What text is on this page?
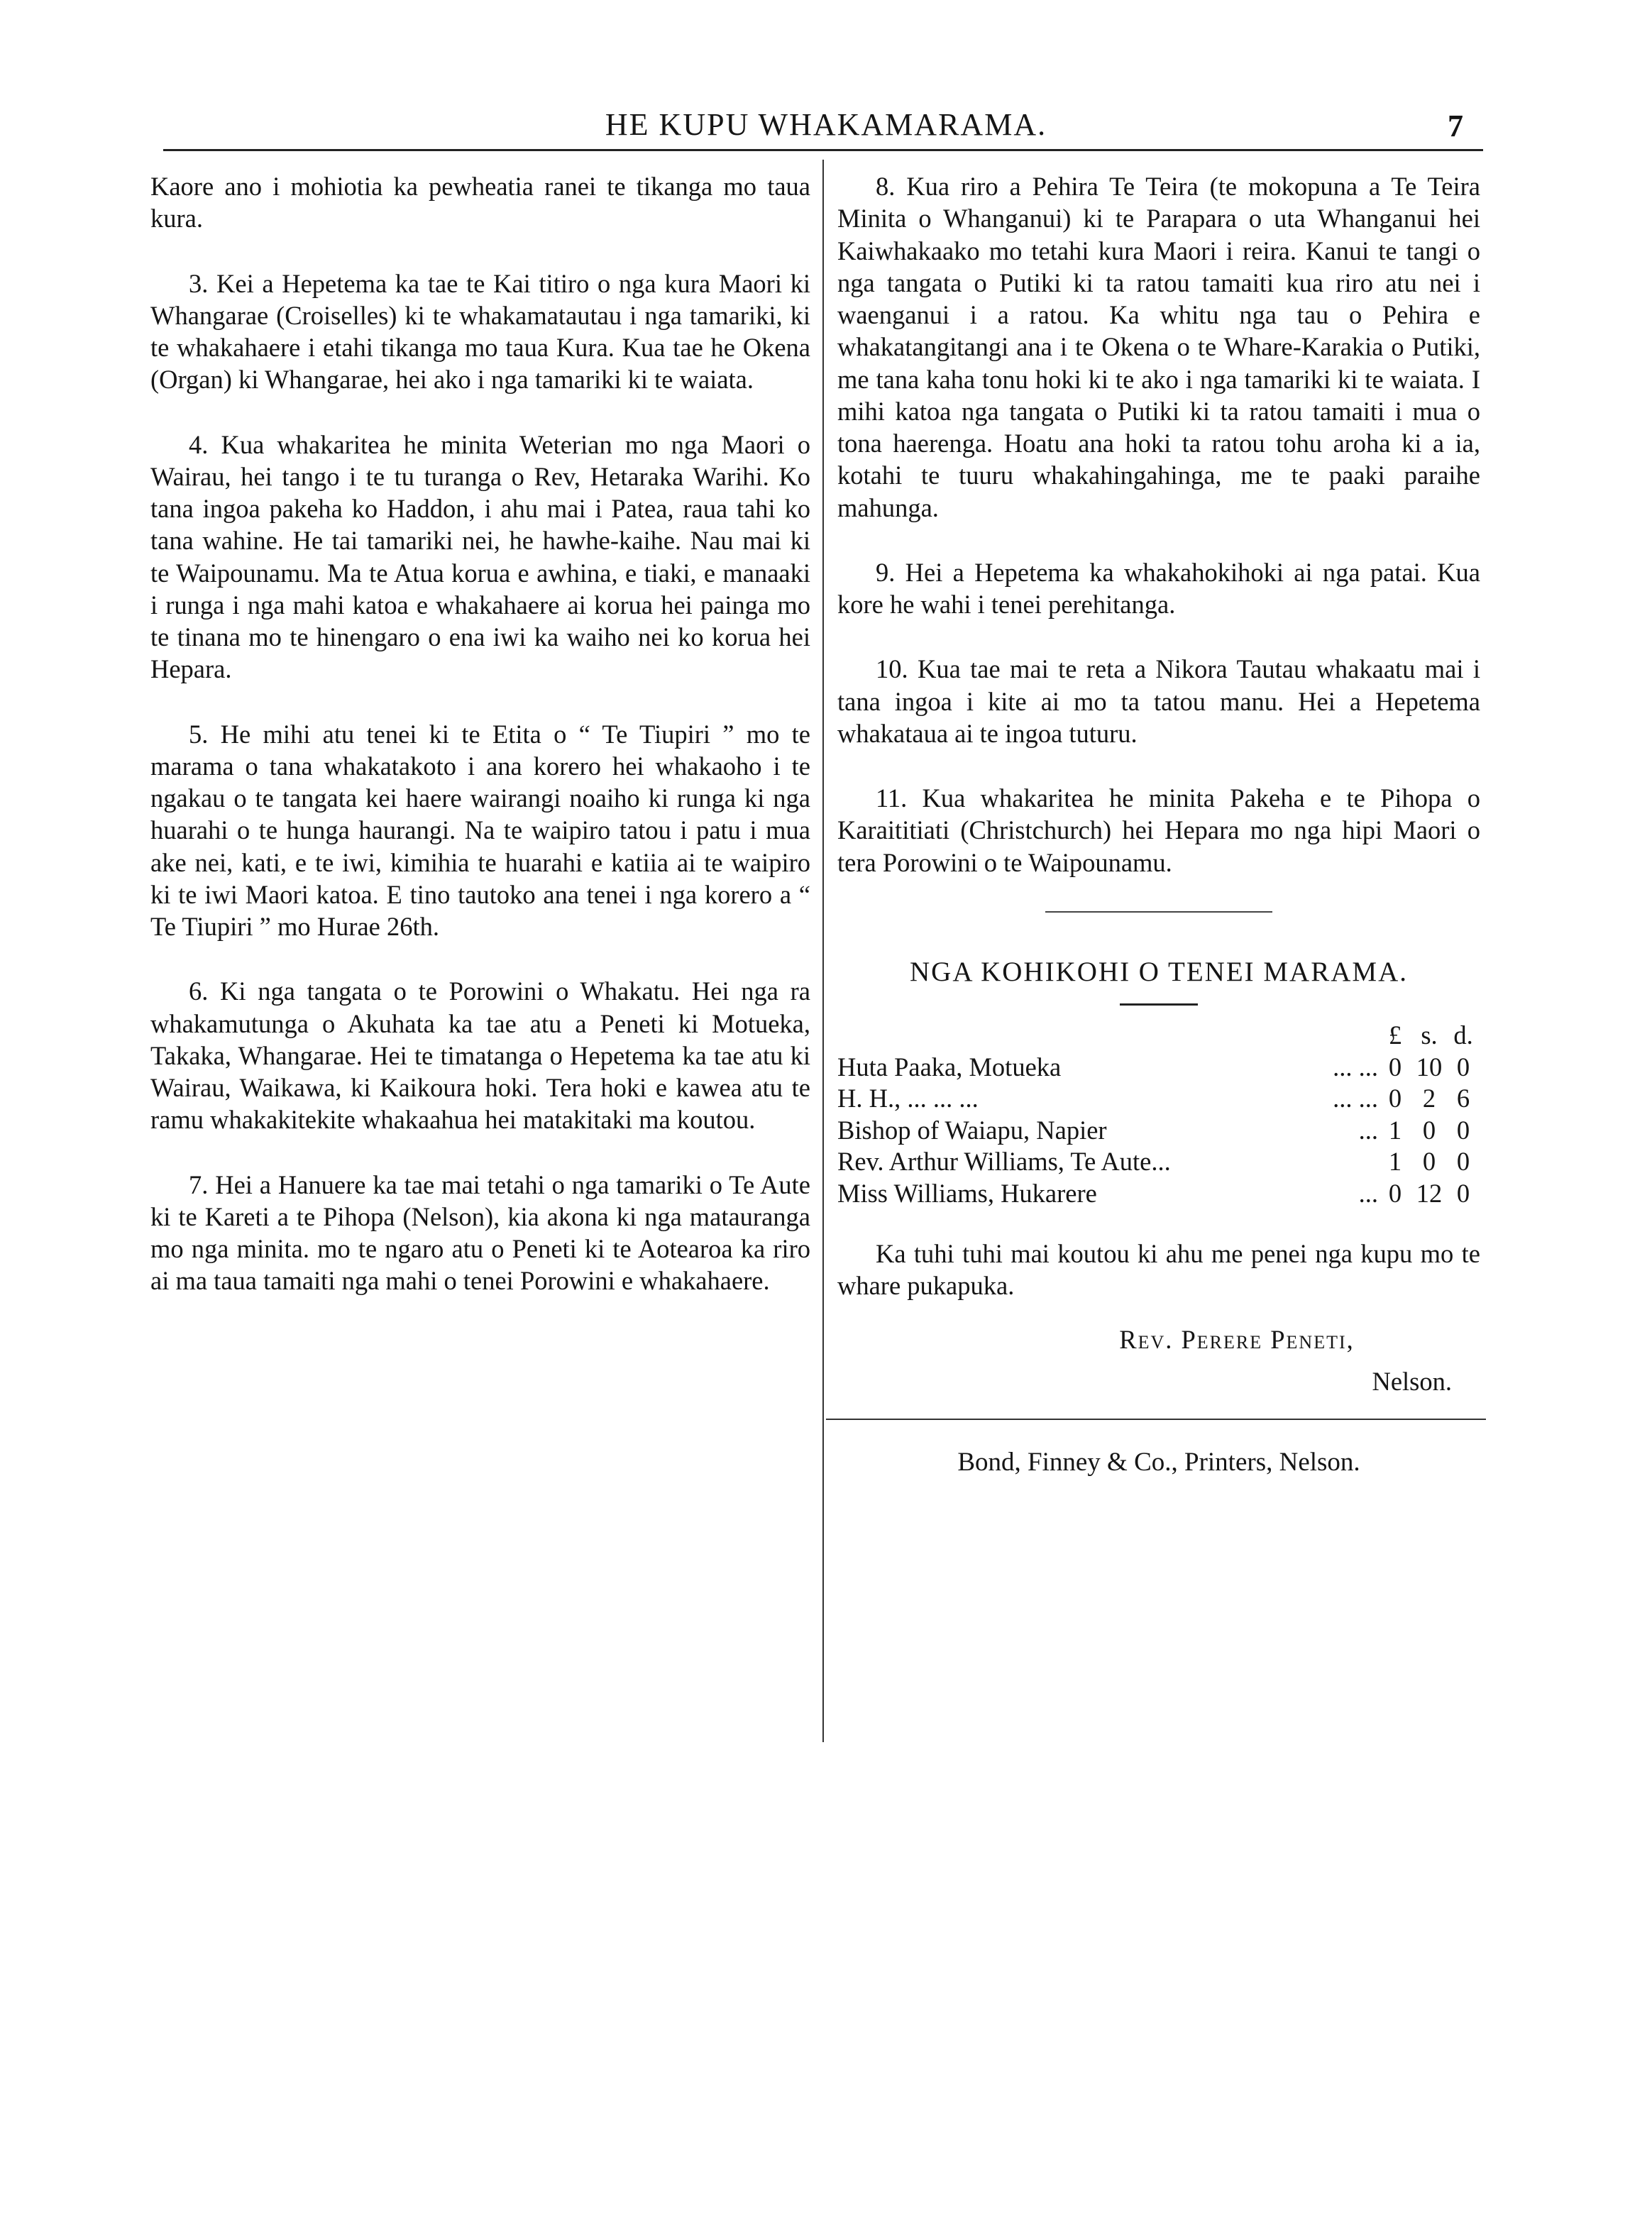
HE KUPU WHAKAMARAMA.	7

Kaore ano i mohiotia ka pewheatia ranei te tikanga mo taua kura.

3. Kei a Hepetema ka tae te Kai titiro o nga kura Maori ki Whangarae (Croiselles) ki te whakamatautau i nga tamariki, ki te whakahaere i etahi tikanga mo taua Kura. Kua tae he Okena (Organ) ki Whangarae, hei ako i nga tamariki ki te waiata.

4. Kua whakaritea he minita Weterian mo nga Maori o Wairau, hei tango i te tu turanga o Rev, Hetaraka Warihi. Ko tana ingoa pakeha ko Haddon, i ahu mai i Patea, raua tahi ko tana wahine. He tai tamariki nei, he hawhe-kaihe. Nau mai ki te Waipounamu. Ma te Atua korua e awhina, e tiaki, e manaaki i runga i nga mahi katoa e whakahaere ai korua hei painga mo te tinana mo te hinengaro o ena iwi ka waiho nei ko korua hei Hepara.

5. He mihi atu tenei ki te Etita o “ Te Tiupiri ” mo te marama o tana whakatakoto i ana korero hei whakaoho i te ngakau o te tangata kei haere wairangi noaiho ki runga ki nga huarahi o te hunga haurangi. Na te waipiro tatou i patu i mua ake nei, kati, e te iwi, kimihia te huarahi e katiia ai te waipiro ki te iwi Maori katoa. E tino tautoko ana tenei i nga korero a “ Te Tiupiri ” mo Hurae 26th.

6. Ki nga tangata o te Porowini o Whakatu. Hei nga ra whakamutunga o Akuhata ka tae atu a Peneti ki Motueka, Takaka, Whangarae. Hei te timatanga o Hepetema ka tae atu ki Wairau, Waikawa, ki Kaikoura hoki. Tera hoki e kawea atu te ramu whakakitekite whakaahua hei matakitaki ma koutou.

7. Hei a Hanuere ka tae mai tetahi o nga tamariki o Te Aute ki te Kareti a te Pihopa (Nelson), kia akona ki nga matauranga mo nga minita. mo te ngaro atu o Peneti ki te Aotearoa ka riro ai ma taua tamaiti nga mahi o tenei Porowini e whakahaere.

8. Kua riro a Pehira Te Teira (te mokopuna a Te Teira Minita o Whanganui) ki te Parapara o uta Whanganui hei Kaiwhakaako mo tetahi kura Maori i reira. Kanui te tangi o nga tangata o Putiki ki ta ratou tamaiti kua riro atu nei i waenganui i a ratou. Ka whitu nga tau o Pehira e whakatangitangi ana i te Okena o te Whare-Karakia o Putiki, me tana kaha tonu hoki ki te ako i nga tamariki ki te waiata. I mihi katoa nga tangata o Putiki ki ta ratou tamaiti i mua o tona haerenga. Hoatu ana hoki ta ratou tohu aroha ki a ia, kotahi te tuuru whakahingahinga, me te paaki paraihe mahunga.

9. Hei a Hepetema ka whakahokihoki ai nga patai. Kua kore he wahi i tenei perehitanga.

10. Kua tae mai te reta a Nikora Tautau whakaatu mai i tana ingoa i kite ai mo ta tatou manu. Hei a Hepetema whakataua ai te ingoa tuturu.

11. Kua whakaritea he minita Pakeha e te Pihopa o Karaititiati (Christchurch) hei Hepara mo nga hipi Maori o tera Porowini o te Waipounamu.

NGA KOHIKOHI O TENEI MARAMA.

		£	s.	d.
Huta Paaka, Motueka	... ...	0	10	0
H. H., ... ... ...	... ...	0	2	6
Bishop of Waiapu, Napier	...	1	0	0
Rev. Arthur Williams, Te Aute...		1	0	0
Miss Williams, Hukarere	...	0	12	0

Ka tuhi tuhi mai koutou ki ahu me penei nga kupu mo te whare pukapuka.

Rev. Perere Peneti,

Nelson.

Bond, Finney & Co., Printers, Nelson.
